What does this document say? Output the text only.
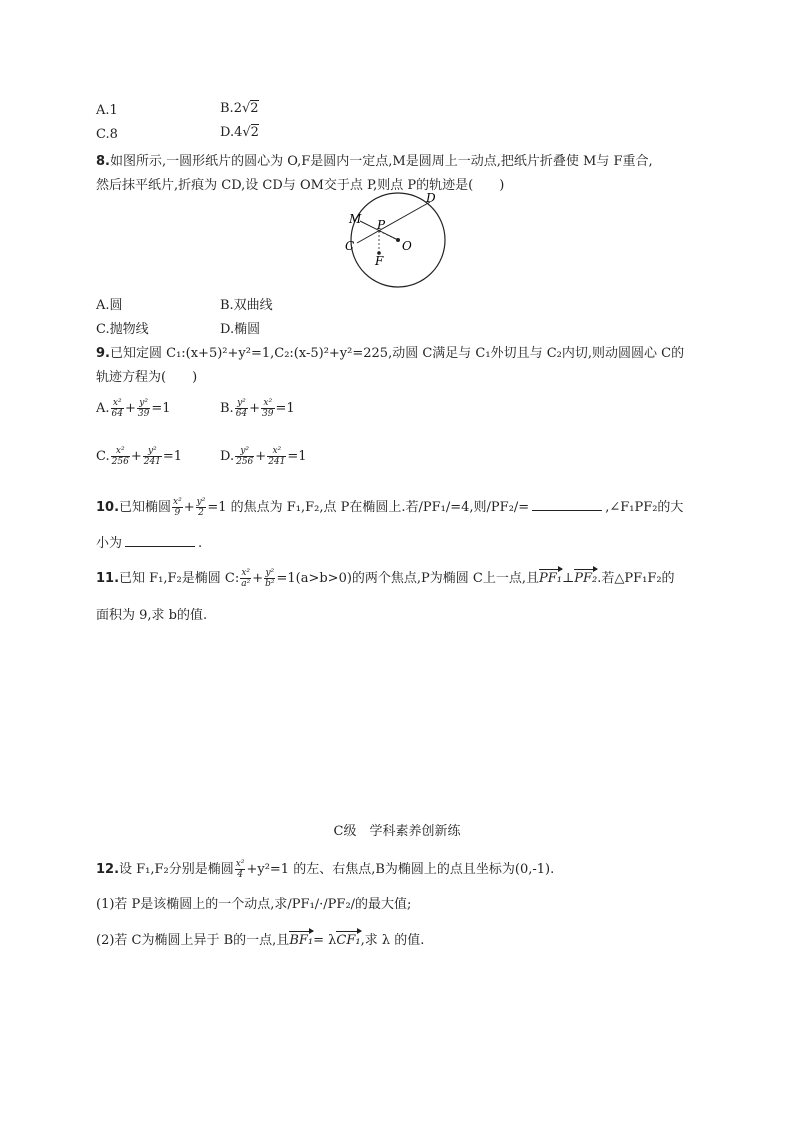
A.1	B.2√2
C.8	D.4√2
8.如图所示,一圆形纸片的圆心为 O,F是圆内一定点,M是圆周上一动点,把纸片折叠使 M与 F重合,
然后抹平纸片,折痕为 CD,设 CD与 OM交于点 P,则点 P的轨迹是(　　)
M P
C
D
O
F
A.圆	B.双曲线
C.抛物线	D.椭圆
9.已知定圆 C₁:(x+5)²+y²=1,C₂:(x-5)²+y²=225,动圆 C满足与 C₁外切且与 C₂内切,则动圆圆心 C的
轨迹方程为(　　)
A. $\frac{\text{x²}}{64} + \frac{\text{y²}}{39} =1$	B. $\frac{\text{y²}}{64} + \frac{\text{x²}}{39} =1$
C. $\frac{\text{x²}}{256} + \frac{\text{y²}}{241} =1$	D. $\frac{\text{y²}}{256} + \frac{\text{x²}}{241} =1$
10.已知椭圆 $\frac{\text{x²}}{9} + \frac{\text{y²}}{2} =1$ 的焦点为 F₁,F₂,点 P在椭圆上.若/PF₁/=4,则/PF₂/=	,∠F₁PF₂的大
小为	.
11.已知 F₁,F₂是椭圆 C: $\frac{\text{x²}}{\text{a²}} + \frac{\text{y²}}{\text{b²}} =1(a>b>0)$的两个焦点,P为椭圆 C上一点,且PF₁⊥PF₂.若△PF₁F₂的
面积为 9,求 b的值.
C级　学科素养创新练
12.设 F₁,F₂分别是椭圆 $\frac{\text{x²}}{4} +y^2=1$ 的左、右焦点,B为椭圆上的点且坐标为(0,-1).
(1)若 P是该椭圆上的一个动点,求/PF₁/·/PF₂/的最大值;
(2)若 C为椭圆上异于 B的一点,且BF₁= λCF₁,求 λ 的值.
